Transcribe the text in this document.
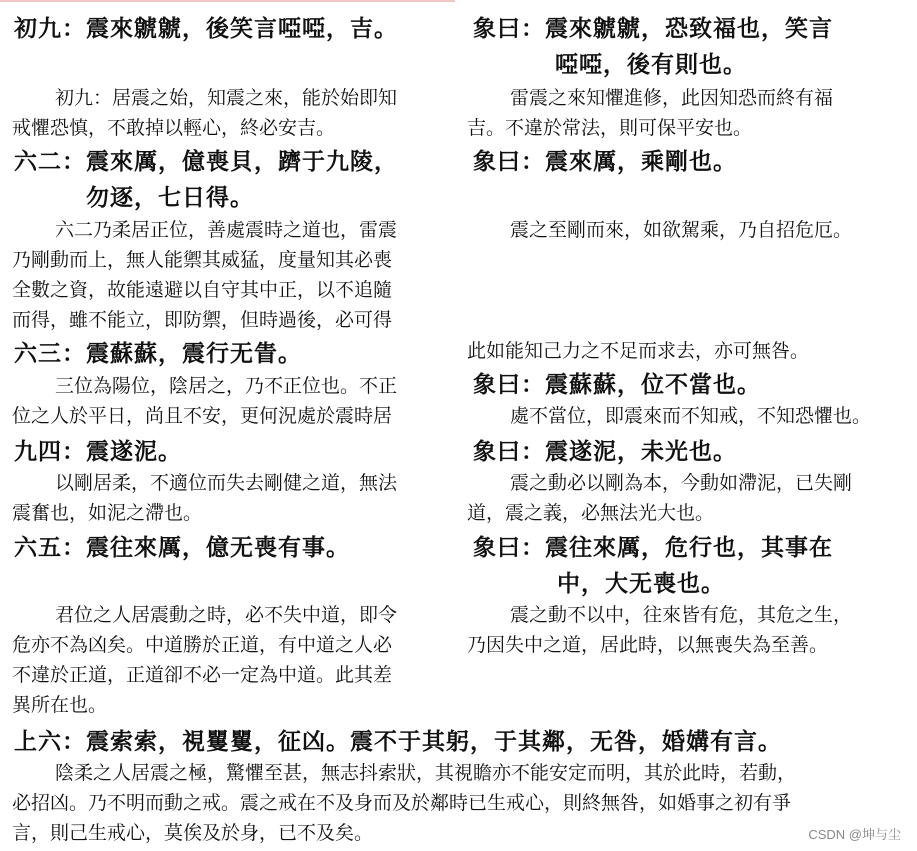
初九：震來虩虩，後笑言啞啞，吉。
初九：居震之始，知震之來，能於始即知
戒懼恐慎，不敢掉以輕心，終必安吉。
六二：震來厲，億喪貝，躋于九陵，
勿逐，七日得。
六二乃柔居正位，善處震時之道也，雷震
乃剛動而上，無人能禦其威猛，度量知其必喪
全數之資，故能遠避以自守其中正，以不追隨
而得，雖不能立，即防禦，但時過後，必可得
六三：震蘇蘇，震行无眚。
三位為陽位，陰居之，乃不正位也。不正
位之人於平日，尚且不安，更何況處於震時居
九四：震遂泥。
以剛居柔，不適位而失去剛健之道，無法
震奮也，如泥之滯也。
六五：震往來厲，億无喪有事。
君位之人居震動之時，必不失中道，即令
危亦不為凶矣。中道勝於正道，有中道之人必
不違於正道，正道卻不必一定為中道。此其差
異所在也。
象曰：震來虩虩，恐致福也，笑言
啞啞，後有則也。
雷震之來知懼進修，此因知恐而終有福
吉。不違於常法，則可保平安也。
象曰：震來厲，乘剛也。
震之至剛而來，如欲駕乘，乃自招危厄。
此如能知己力之不足而求去，亦可無咎。
象曰：震蘇蘇，位不當也。
處不當位，即震來而不知戒，不知恐懼也。
象曰：震遂泥，未光也。
震之動必以剛為本，今動如滯泥，已失剛
道，震之義，必無法光大也。
象曰：震往來厲，危行也，其事在
中，大无喪也。
震之動不以中，往來皆有危，其危之生，
乃因失中之道，居此時，以無喪失為至善。
上六：震索索，視矍矍，征凶。震不于其躬，于其鄰，无咎，婚媾有言。
陰柔之人居震之極，驚懼至甚，無志抖索狀，其視瞻亦不能安定而明，其於此時，若動，
必招凶。乃不明而動之戒。震之戒在不及身而及於鄰時已生戒心，則終無咎，如婚事之初有爭
言，則己生戒心，莫俟及於身，已不及矣。	CSDN @坤与尘
